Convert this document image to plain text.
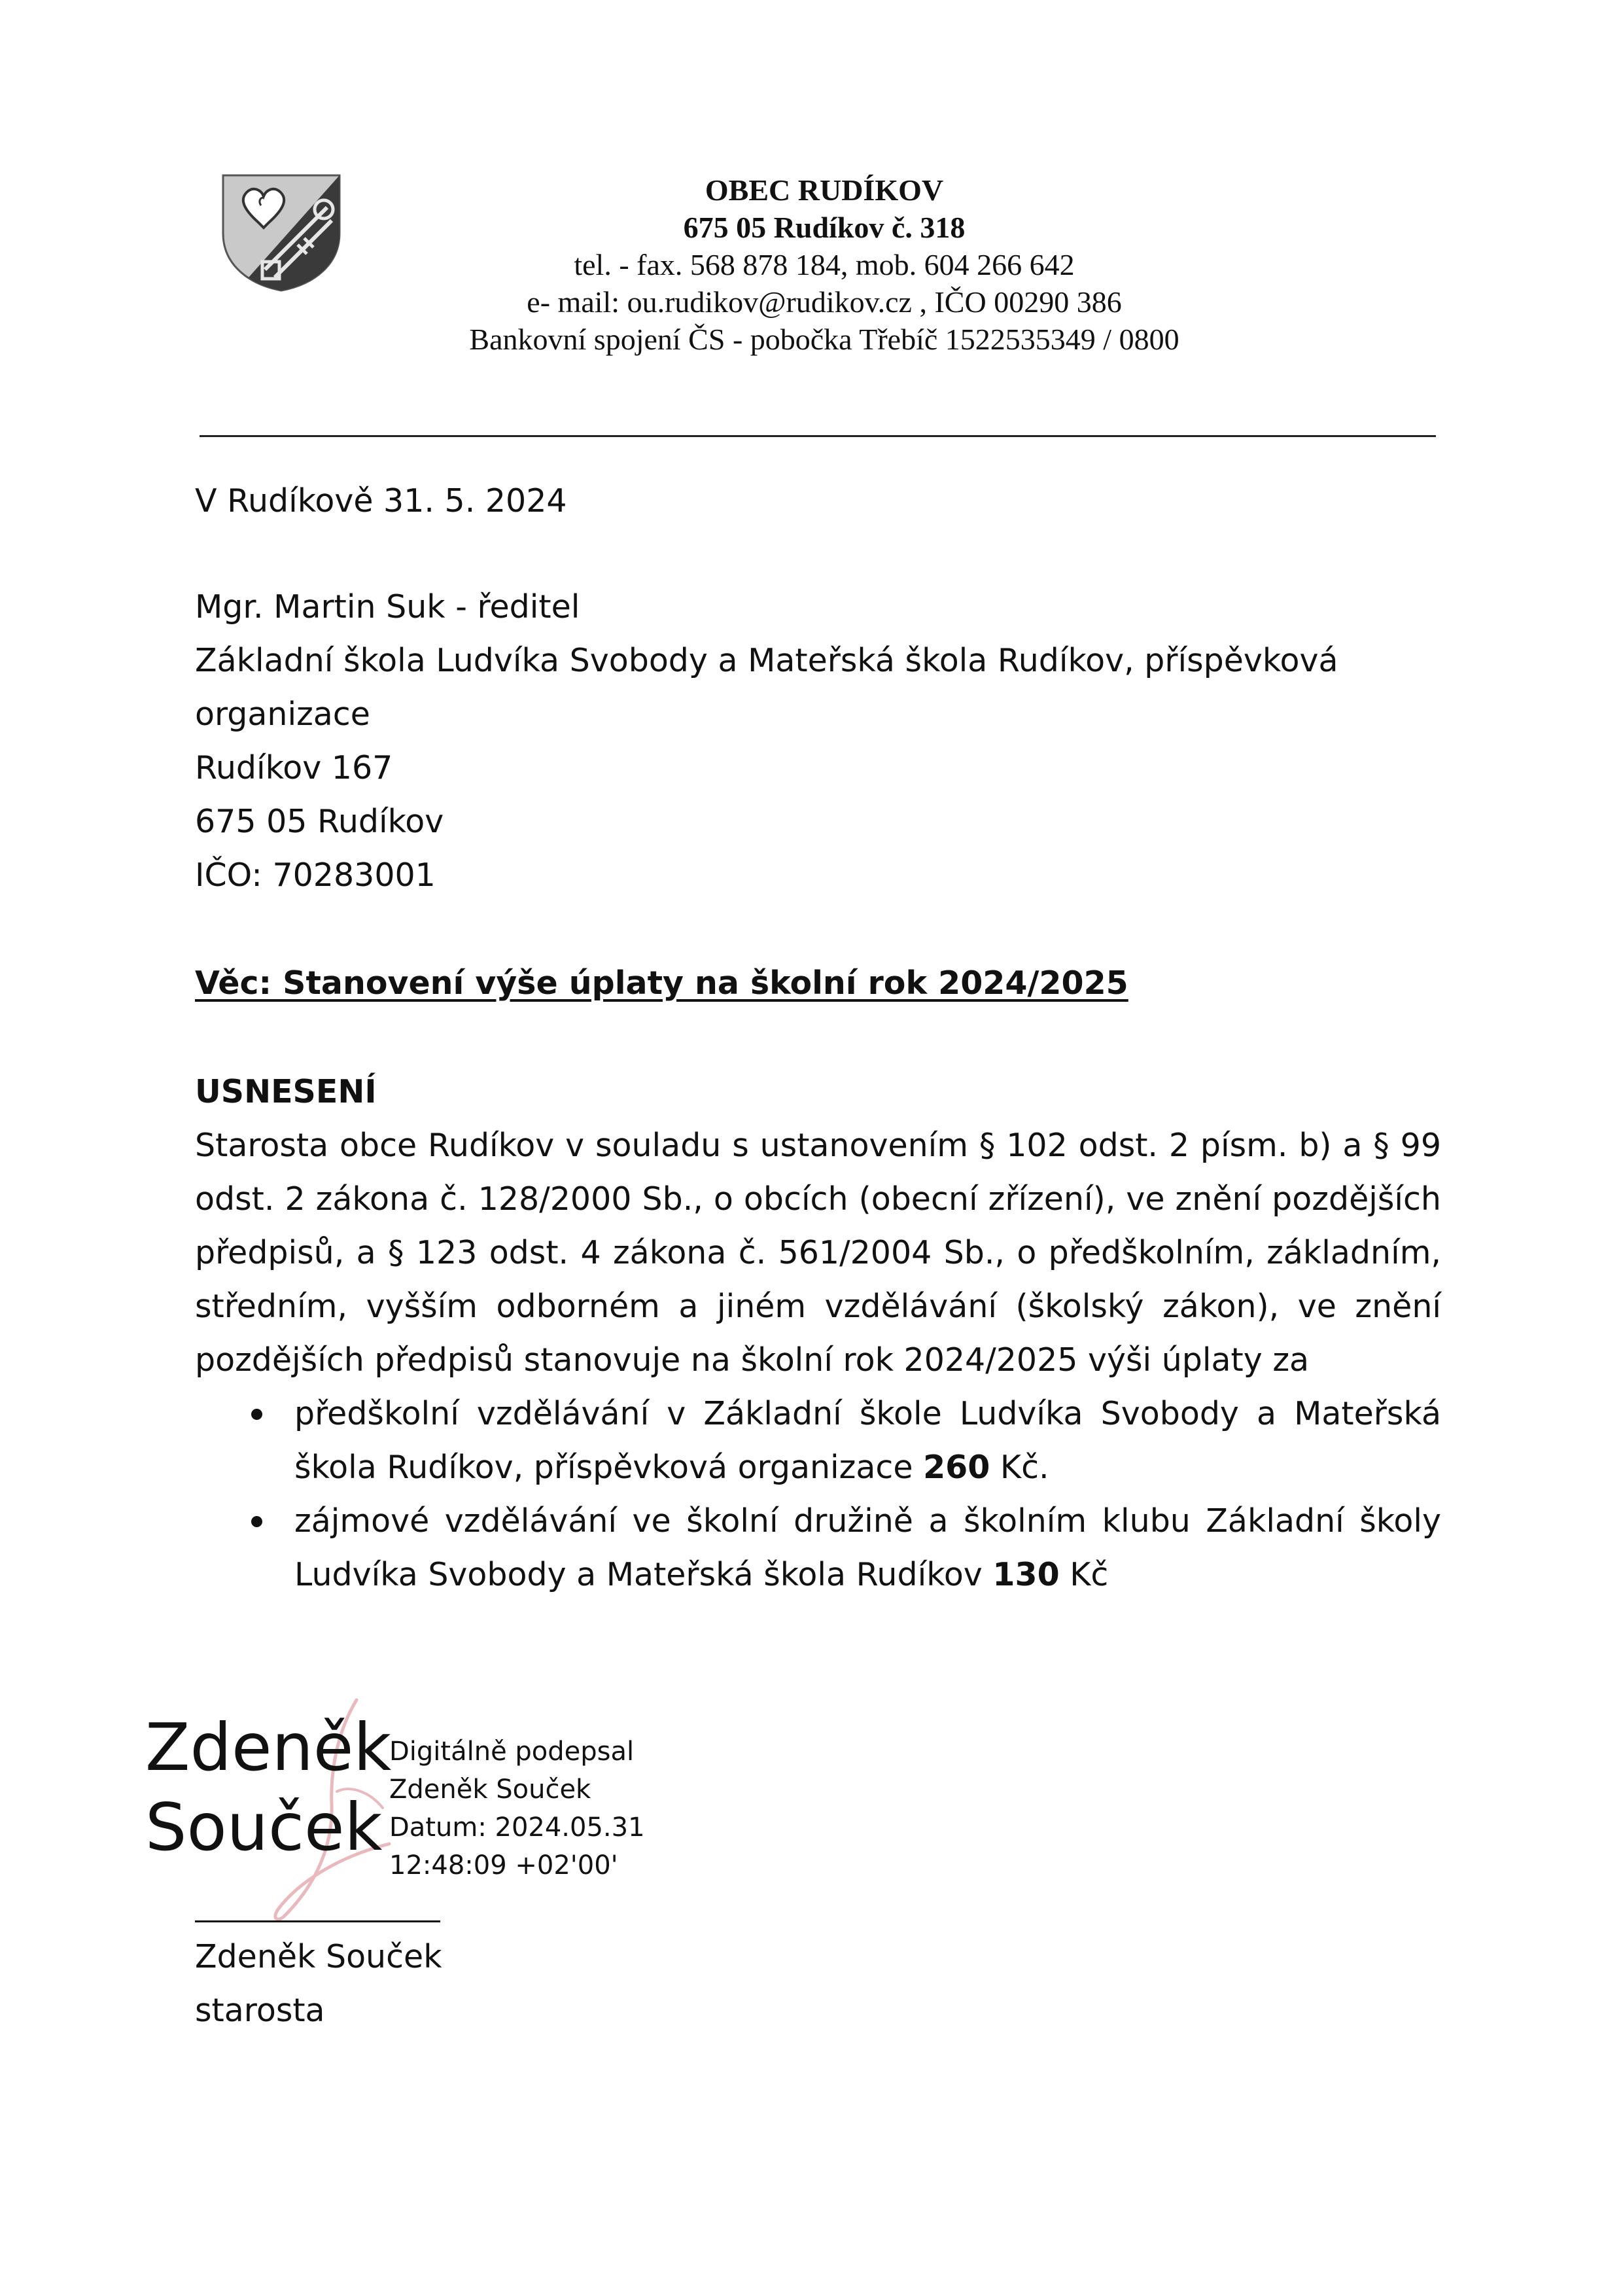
OBEC RUDÍKOV
675 05 Rudíkov č. 318
tel. - fax. 568 878 184, mob. 604 266 642
e- mail: ou.rudikov@rudikov.cz , IČO 00290 386
Bankovní spojení ČS - pobočka Třebíč 1522535349 / 0800
V Rudíkově 31. 5. 2024
Mgr. Martin Suk - ředitel
Základní škola Ludvíka Svobody a Mateřská škola Rudíkov, příspěvková
organizace
Rudíkov 167
675 05 Rudíkov
IČO: 70283001
Věc: Stanovení výše úplaty na školní rok 2024/2025
USNESENÍ
Starosta obce Rudíkov v souladu s ustanovením § 102 odst. 2 písm. b) a § 99 odst. 2 zákona č. 128/2000 Sb., o obcích (obecní zřízení), ve znění pozdějších předpisů, a § 123 odst. 4 zákona č. 561/2004 Sb., o předškolním, základním, středním, vyšším odborném a jiném vzdělávání (školský zákon), ve znění pozdějších předpisů stanovuje na školní rok 2024/2025 výši úplaty za
předškolní vzdělávání v Základní škole Ludvíka Svobody a Mateřská škola Rudíkov, příspěvková organizace 260 Kč.
zájmové vzdělávání ve školní družině a školním klubu Základní školy Ludvíka Svobody a Mateřská škola Rudíkov 130 Kč
Zdeněk
Souček
Digitálně podepsal
Zdeněk Souček
Datum: 2024.05.31
12:48:09 +02'00'
Zdeněk Souček
starosta
